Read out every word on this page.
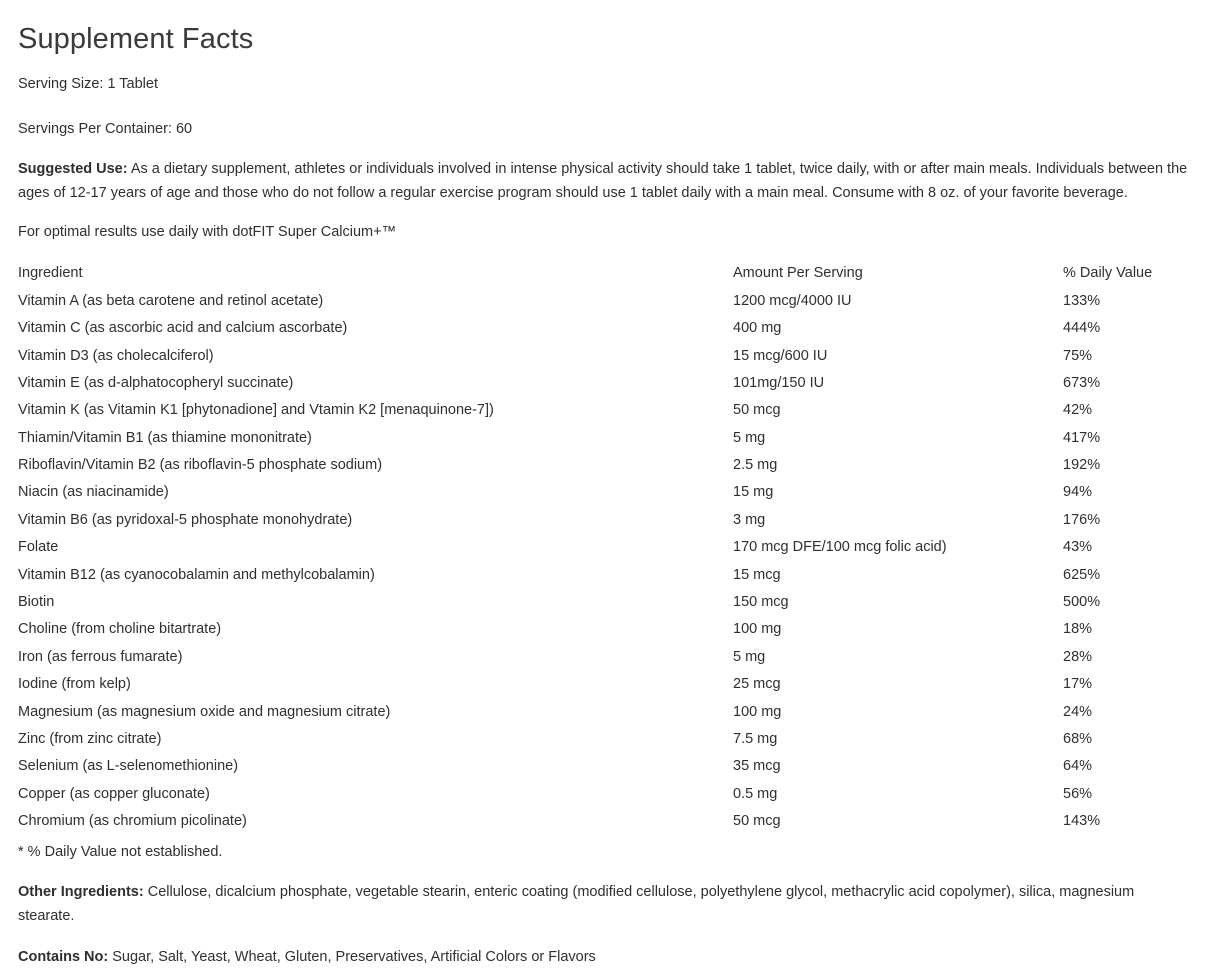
Supplement Facts
Serving Size: 1 Tablet
Servings Per Container: 60

Suggested Use: As a dietary supplement, athletes or individuals involved in intense physical activity should take 1 tablet, twice daily, with or after main meals. Individuals between the ages of 12-17 years of age and those who do not follow a regular exercise program should use 1 tablet daily with a main meal. Consume with 8 oz. of your favorite beverage.

For optimal results use daily with dotFIT Super Calcium+™

Ingredient	Amount Per Serving	% Daily Value
Vitamin A (as beta carotene and retinol acetate)	1200 mcg/4000 IU	133%
Vitamin C (as ascorbic acid and calcium ascorbate)	400 mg	444%
Vitamin D3 (as cholecalciferol)	15 mcg/600 IU	75%
Vitamin E (as d-alphatocopheryl succinate)	101mg/150 IU	673%
Vitamin K (as Vitamin K1 [phytonadione] and Vtamin K2 [menaquinone-7])	50 mcg	42%
Thiamin/Vitamin B1 (as thiamine mononitrate)	5 mg	417%
Riboflavin/Vitamin B2 (as riboflavin-5 phosphate sodium)	2.5 mg	192%
Niacin (as niacinamide)	15 mg	94%
Vitamin B6 (as pyridoxal-5 phosphate monohydrate)	3 mg	176%
Folate	170 mcg DFE/100 mcg folic acid)	43%
Vitamin B12 (as cyanocobalamin and methylcobalamin)	15 mcg	625%
Biotin	150 mcg	500%
Choline (from choline bitartrate)	100 mg	18%
Iron (as ferrous fumarate)	5 mg	28%
Iodine (from kelp)	25 mcg	17%
Magnesium (as magnesium oxide and magnesium citrate)	100 mg	24%
Zinc (from zinc citrate)	7.5 mg	68%
Selenium (as L-selenomethionine)	35 mcg	64%
Copper (as copper gluconate)	0.5 mg	56%
Chromium (as chromium picolinate)	50 mcg	143%
* % Daily Value not established.

Other Ingredients: Cellulose, dicalcium phosphate, vegetable stearin, enteric coating (modified cellulose, polyethylene glycol, methacrylic acid copolymer), silica, magnesium stearate.

Contains No: Sugar, Salt, Yeast, Wheat, Gluten, Preservatives, Artificial Colors or Flavors
